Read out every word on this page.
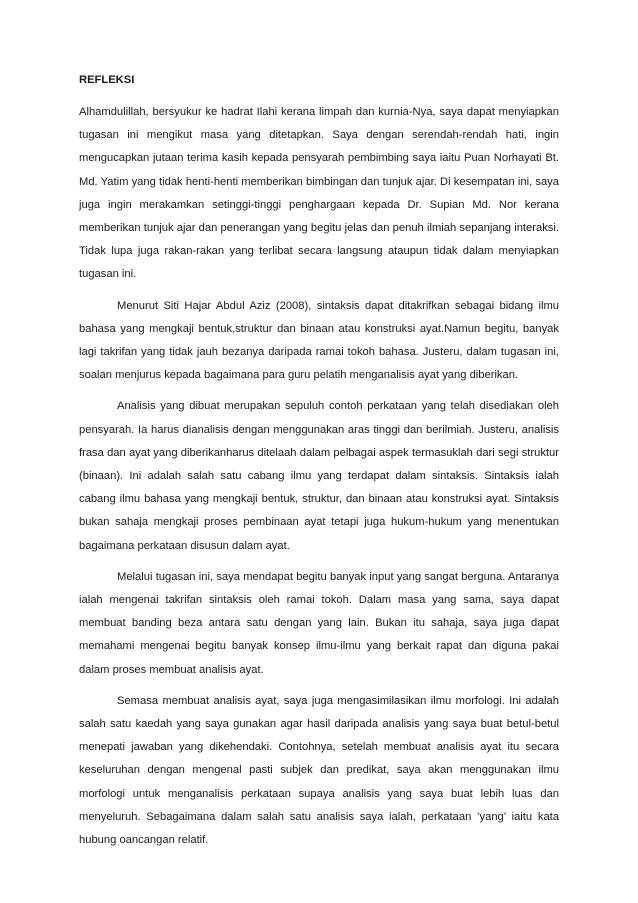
REFLEKSI

Alhamdulillah, bersyukur ke hadrat Ilahi kerana limpah dan kurnia-Nya, saya dapat menyiapkan tugasan ini mengikut masa yang ditetapkan. Saya dengan serendah-rendah hati, ingin mengucapkan jutaan terima kasih kepada pensyarah pembimbing saya iaitu Puan Norhayati Bt. Md. Yatim yang tidak henti-henti memberikan bimbingan dan tunjuk ajar. Di kesempatan ini, saya juga ingin merakamkan setinggi-tinggi penghargaan kepada Dr. Supian Md. Nor kerana memberikan tunjuk ajar dan penerangan yang begitu jelas dan penuh ilmiah sepanjang interaksi. Tidak lupa juga rakan-rakan yang terlibat secara langsung ataupun tidak dalam menyiapkan tugasan ini.

Menurut Siti Hajar Abdul Aziz (2008), sintaksis dapat ditakrifkan sebagai bidang ilmu bahasa yang mengkaji bentuk,struktur dan binaan atau konstruksi ayat.Namun begitu, banyak lagi takrifan yang tidak jauh bezanya daripada ramai tokoh bahasa. Justeru, dalam tugasan ini, soalan menjurus kepada bagaimana para guru pelatih menganalisis ayat yang diberikan.

Analisis yang dibuat merupakan sepuluh contoh perkataan yang telah disediakan oleh pensyarah. Ia harus dianalisis dengan menggunakan aras tinggi dan berilmiah. Justeru, analisis frasa dan ayat yang diberikanharus ditelaah dalam pelbagai aspek termasuklah dari segi struktur (binaan). Ini adalah salah satu cabang ilmu yang terdapat dalam sintaksis. Sintaksis ialah cabang ilmu bahasa yang mengkaji bentuk, struktur, dan binaan atau konstruksi ayat. Sintaksis bukan sahaja mengkaji proses pembinaan ayat tetapi juga hukum-hukum yang menentukan bagaimana perkataan disusun dalam ayat.

Melalui tugasan ini, saya mendapat begitu banyak input yang sangat berguna. Antaranya ialah mengenai takrifan sintaksis oleh ramai tokoh. Dalam masa yang sama, saya dapat membuat banding beza antara satu dengan yang lain. Bukan itu sahaja, saya juga dapat memahami mengenai begitu banyak konsep ilmu-ilmu yang berkait rapat dan diguna pakai dalam proses membuat analisis ayat.

Semasa membuat analisis ayat, saya juga mengasimilasikan ilmu morfologi. Ini adalah salah satu kaedah yang saya gunakan agar hasil daripada analisis yang saya buat betul-betul menepati jawaban yang dikehendaki. Contohnya, setelah membuat analisis ayat itu secara keseluruhan dengan mengenal pasti subjek dan predikat, saya akan menggunakan ilmu morfologi untuk menganalisis perkataan supaya analisis yang saya buat lebih luas dan menyeluruh. Sebagaimana dalam salah satu analisis saya ialah, perkataan ’yang’ iaitu kata hubung oancangan relatif.
